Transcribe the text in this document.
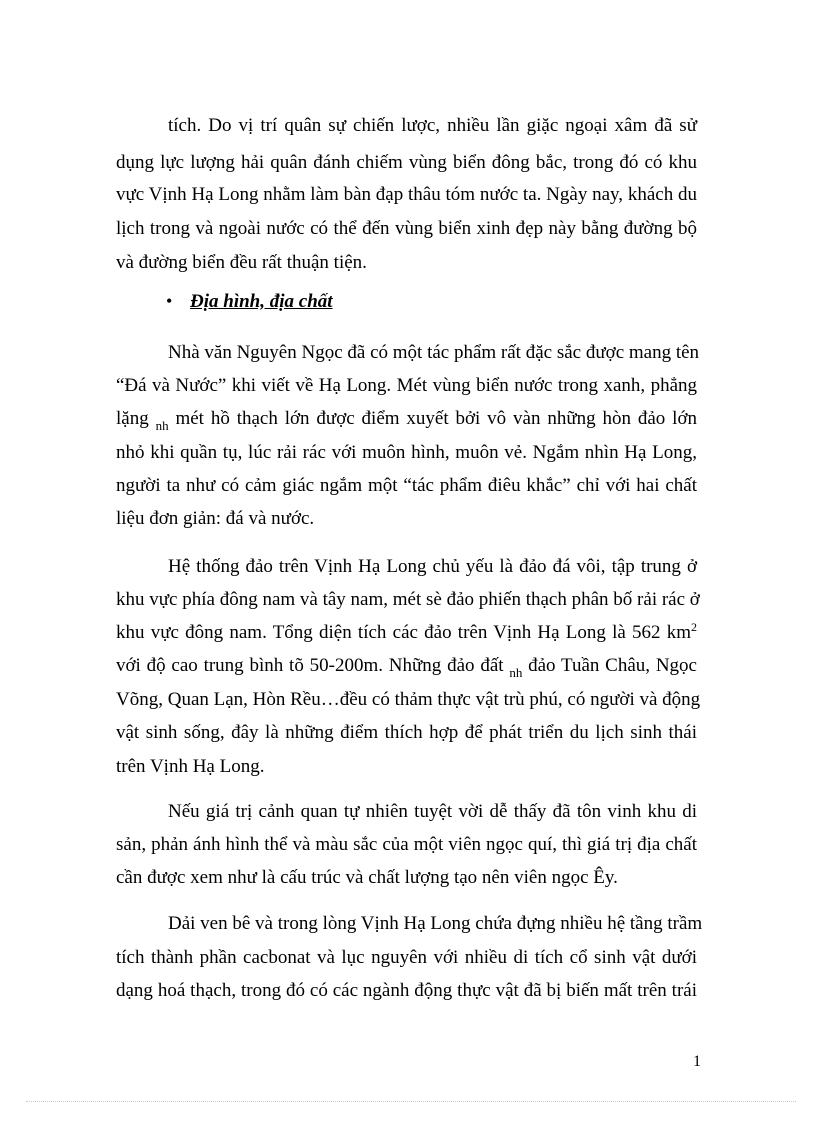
tích. Do vị trí quân sự chiến lược, nhiều lần giặc ngoại xâm đã sử
dụng lực lượng hải quân đánh chiếm vùng biển đông bắc, trong đó có khu
vực Vịnh Hạ Long nhằm làm bàn đạp thâu tóm nước ta. Ngày nay, khách du
lịch trong và ngoài nước có thể đến vùng biển xinh đẹp này bằng đường bộ
và đường biển đều rất thuận tiện.
• Địa hình, địa chất
Nhà văn Nguyên Ngọc đã có một tác phẩm rất đặc sắc được mang tên
“Đá và Nước” khi viết về Hạ Long. Mét vùng biển nước trong xanh, phẳng
lặng $_{nh}$ mét hồ thạch lớn được điểm xuyết bởi vô vàn những hòn đảo lớn
nhỏ khi quần tụ, lúc rải rác với muôn hình, muôn vẻ. Ngắm nhìn Hạ Long,
người ta như có cảm giác ngắm một “tác phẩm điêu khắc” chỉ với hai chất
liệu đơn giản: đá và nước.
Hệ thống đảo trên Vịnh Hạ Long chủ yếu là đảo đá vôi, tập trung ở
khu vực phía đông nam và tây nam, mét sè đảo phiến thạch phân bố rải rác ở
khu vực đông nam. Tổng diện tích các đảo trên Vịnh Hạ Long là 562 $km^2$
với độ cao trung bình tõ 50-200m. Những đảo đất $_{nh}$ đảo Tuần Châu, Ngọc
Võng, Quan Lạn, Hòn Rều…đều có thảm thực vật trù phú, có người và động
vật sinh sống, đây là những điểm thích hợp để phát triển du lịch sinh thái
trên Vịnh Hạ Long.
Nếu giá trị cảnh quan tự nhiên tuyệt vời dễ thấy đã tôn vinh khu di
sản, phản ánh hình thể và màu sắc của một viên ngọc quí, thì giá trị địa chất
cần được xem như là cấu trúc và chất lượng tạo nên viên ngọc Êy.
Dải ven bê và trong lòng Vịnh Hạ Long chứa đựng nhiều hệ tầng trầm
tích thành phần cacbonat và lục nguyên với nhiều di tích cổ sinh vật dưới
dạng hoá thạch, trong đó có các ngành động thực vật đã bị biến mất trên trái
1
